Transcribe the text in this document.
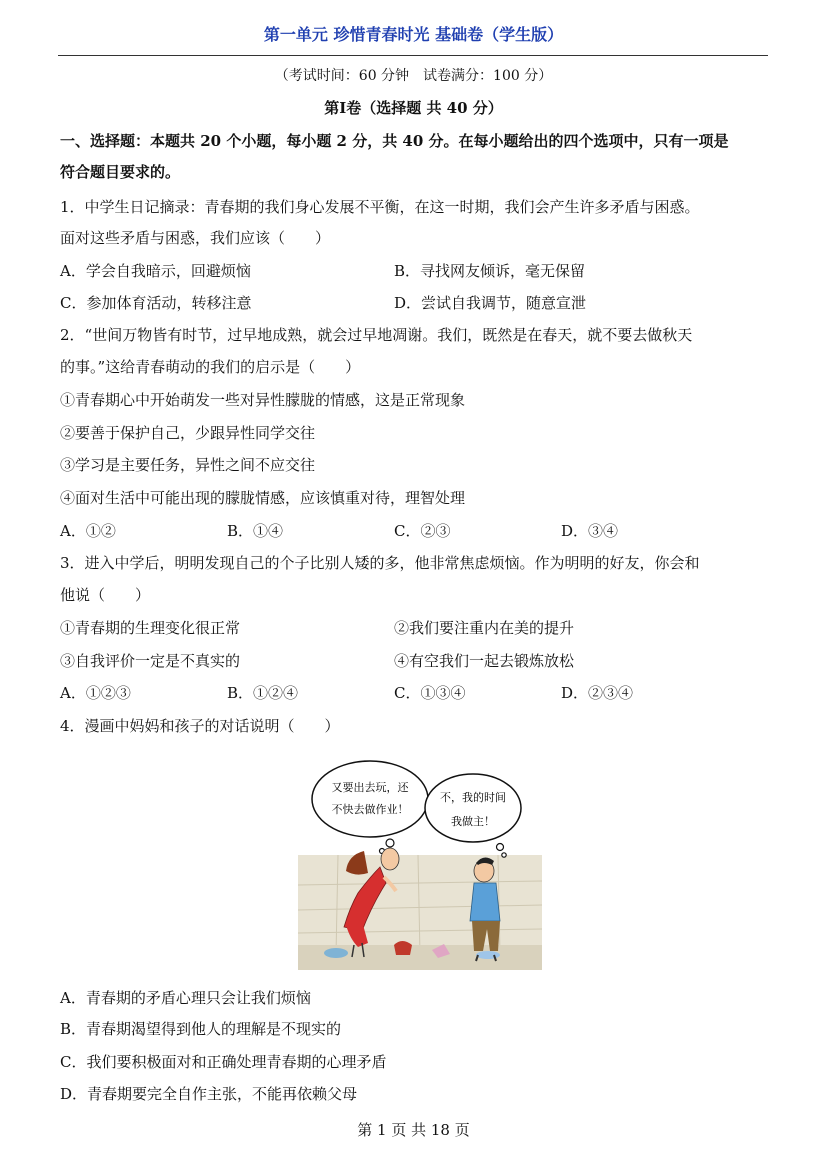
第一单元 珍惜青春时光 基础卷（学生版）
（考试时间：60 分钟　试卷满分：100 分）
第Ⅰ卷（选择题 共 40 分）
一、选择题：本题共 20 个小题，每小题 2 分，共 40 分。在每小题给出的四个选项中，只有一项是
符合题目要求的。
1．中学生日记摘录：青春期的我们身心发展不平衡，在这一时期，我们会产生许多矛盾与困惑。
面对这些矛盾与困惑，我们应该（　　）
A．学会自我暗示，回避烦恼	B．寻找网友倾诉，毫无保留
C．参加体育活动，转移注意	D．尝试自我调节，随意宣泄
2．“世间万物皆有时节，过早地成熟，就会过早地凋谢。我们，既然是在春天，就不要去做秋天
的事。”这给青春萌动的我们的启示是（　　）
①青春期心中开始萌发一些对异性朦胧的情感，这是正常现象
②要善于保护自己，少跟异性同学交往
③学习是主要任务，异性之间不应交往
④面对生活中可能出现的朦胧情感，应该慎重对待，理智处理
A．①②	B．①④	C．②③	D．③④
3．进入中学后，明明发现自己的个子比别人矮的多，他非常焦虑烦恼。作为明明的好友，你会和
他说（　　）
①青春期的生理变化很正常	②我们要注重内在美的提升
③自我评价一定是不真实的	④有空我们一起去锻炼放松
A．①②③	B．①②④	C．①③④	D．②③④
4．漫画中妈妈和孩子的对话说明（　　）
又要出去玩，还
不快去做作业！
不，我的时间
我做主！
A．青春期的矛盾心理只会让我们烦恼
B．青春期渴望得到他人的理解是不现实的
C．我们要积极面对和正确处理青春期的心理矛盾
D．青春期要完全自作主张，不能再依赖父母
第 1 页 共 18 页
